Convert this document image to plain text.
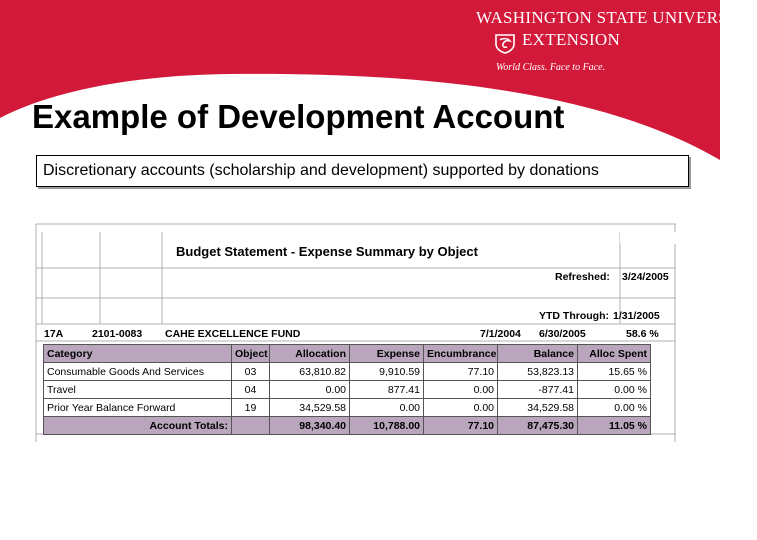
WASHINGTON STATE UNIVERSITY
EXTENSION
World Class. Face to Face.
Example of Development Account
Discretionary accounts (scholarship and development) supported by donations
Budget Statement - Expense Summary by Object
Refreshed: 3/24/2005
YTD Through: 1/31/2005
17A	2101-0083 CAHE EXCELLENCE FUND	7/1/2004 6/30/2005	58.6 %
Category	Object	Allocation	Expense	Encumbrance	Balance	Alloc Spent
Consumable Goods And Services	03	63,810.82	9,910.59	77.10	53,823.13	15.65 %
Travel	04	0.00	877.41	0.00	-877.41	0.00 %
Prior Year Balance Forward	19	34,529.58	0.00	0.00	34,529.58	0.00 %
Account Totals:		98,340.40	10,788.00	77.10	87,475.30	11.05 %
